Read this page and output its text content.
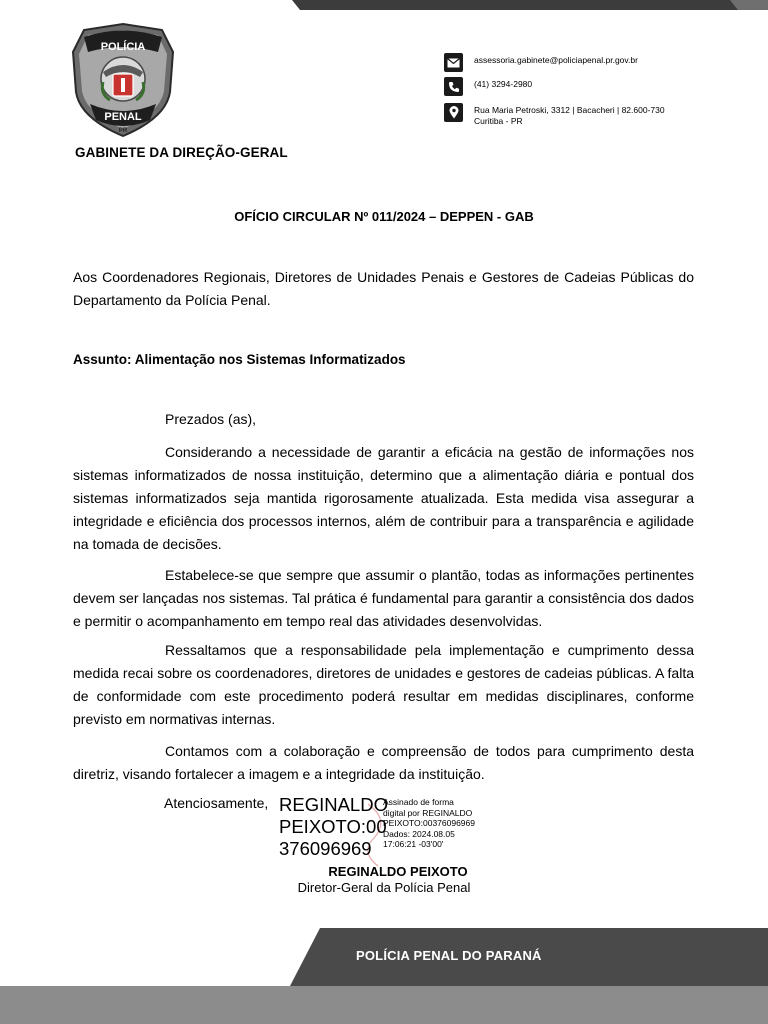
POLÍCIA
PENAL
PR
GABINETE DA DIREÇÃO-GERAL
assessoria.gabinete@policiapenal.pr.gov.br
(41) 3294-2980
Rua Maria Petroski, 3312 | Bacacheri | 82.600-730
Curitiba - PR
OFÍCIO CIRCULAR Nº 011/2024 – DEPPEN - GAB
Aos Coordenadores Regionais, Diretores de Unidades Penais e Gestores de Cadeias Públicas do Departamento da Polícia Penal.
Assunto: Alimentação nos Sistemas Informatizados
Prezados (as),
Considerando a necessidade de garantir a eficácia na gestão de informações nos sistemas informatizados de nossa instituição, determino que a alimentação diária e pontual dos sistemas informatizados seja mantida rigorosamente atualizada. Esta medida visa assegurar a integridade e eficiência dos processos internos, além de contribuir para a transparência e agilidade na tomada de decisões.
Estabelece-se que sempre que assumir o plantão, todas as informações pertinentes devem ser lançadas nos sistemas. Tal prática é fundamental para garantir a consistência dos dados e permitir o acompanhamento em tempo real das atividades desenvolvidas.
Ressaltamos que a responsabilidade pela implementação e cumprimento dessa medida recai sobre os coordenadores, diretores de unidades e gestores de cadeias públicas. A falta de conformidade com este procedimento poderá resultar em medidas disciplinares, conforme previsto em normativas internas.
Contamos com a colaboração e compreensão de todos para cumprimento desta diretriz, visando fortalecer a imagem e a integridade da instituição.
Atenciosamente, REGINALDO
PEIXOTO:00
376096969
Assinado de forma
digital por REGINALDO
PEIXOTO:00376096969
Dados: 2024.08.05
17:06:21 -03'00'
REGINALDO PEIXOTO
Diretor-Geral da Polícia Penal
POLÍCIA PENAL DO PARANÁ
